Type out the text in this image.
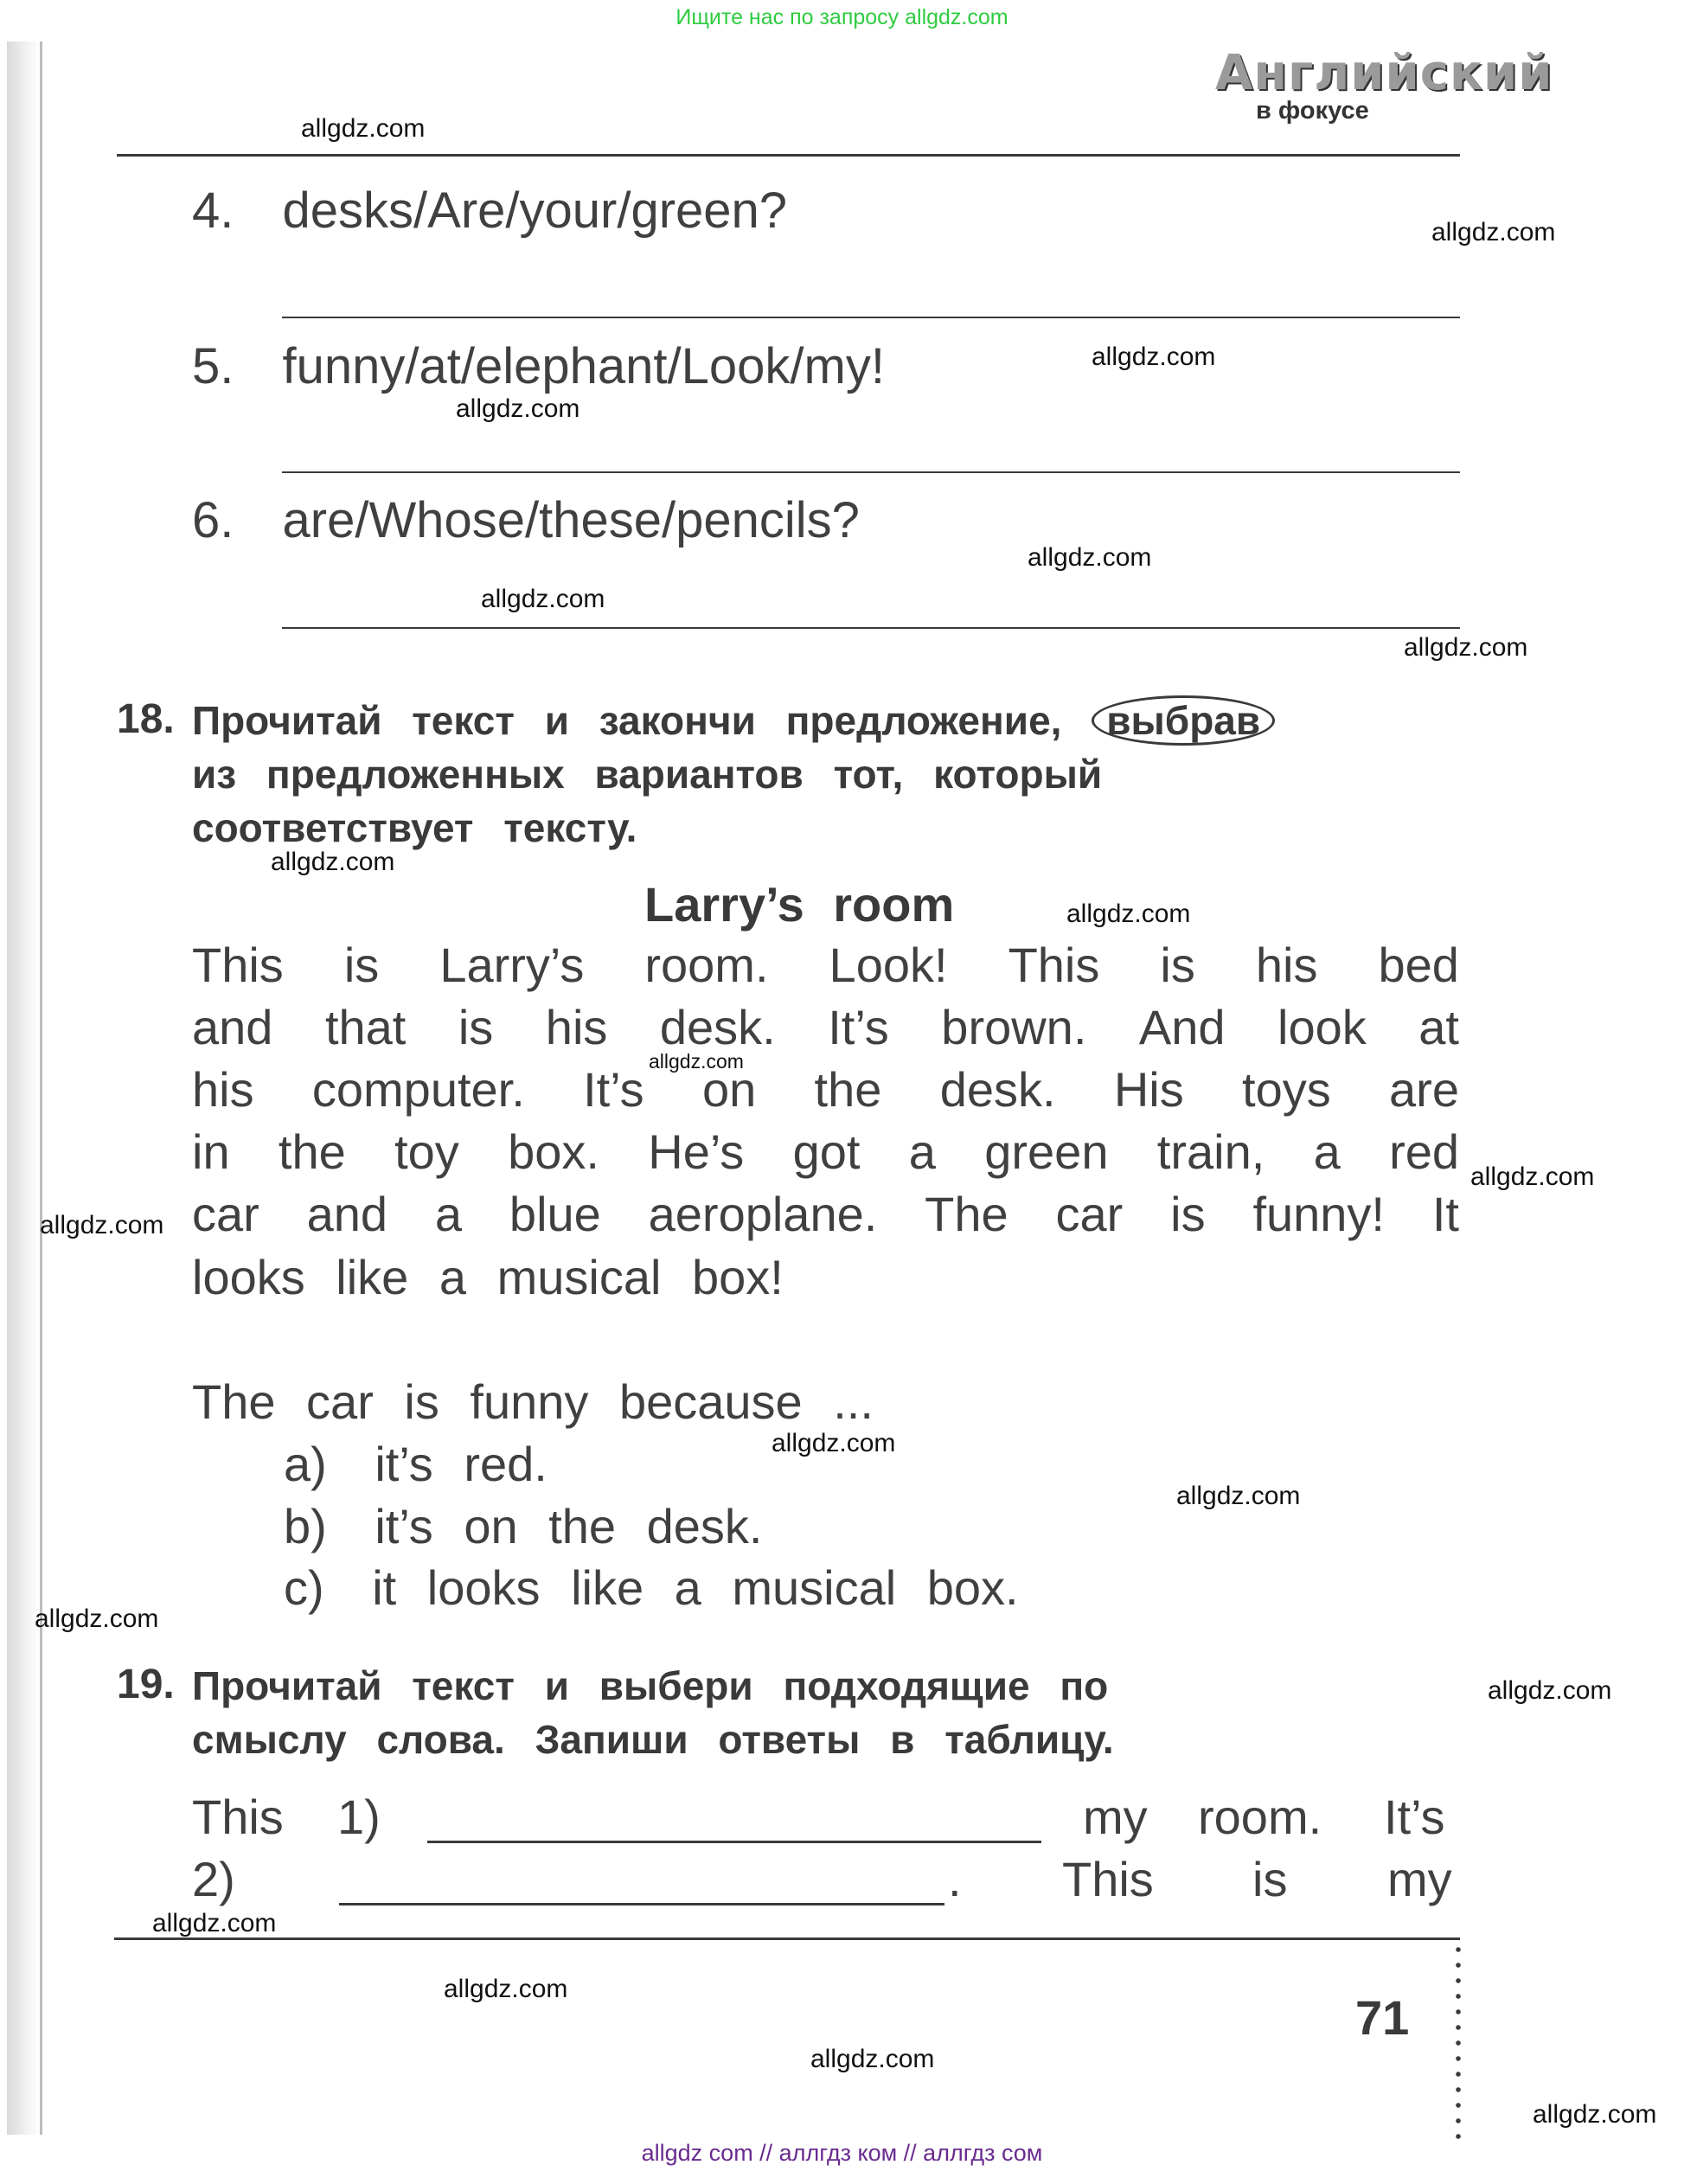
Ищите нас по запросу allgdz.com
Английский
в фокусе
4. desks/Are/your/green?
5. funny/at/elephant/Look/my!
6. are/Whose/these/pencils?
18. Прочитай текст и закончи предложение, выбрав
из предложенных вариантов тот, который
соответствует тексту.
Larry’s room
This is Larry’s room. Look! This is his bed
and that is his desk. It’s brown. And look at
his computer. It’s on the desk. His toys are
in the toy box. He’s got a green train, a red
car and a blue aeroplane. The car is funny! It
looks like a musical box!
The car is funny because ...
a) it’s red.
b) it’s on the desk.
c) it looks like a musical box.
19. Прочитай текст и выбери подходящие по
смыслу слова. Запиши ответы в таблицу.
This 1)	my room. It’s
2)	. This is my
71
allgdz.com
allgdz.com
allgdz.com
allgdz.com
allgdz.com
allgdz.com
allgdz.com
allgdz.com
allgdz.com
allgdz.com
allgdz.com
allgdz.com
allgdz.com
allgdz.com
allgdz.com
allgdz.com
allgdz.com
allgdz.com
allgdz.com
allgdz.com
allgdz com // аллгдз ком // аллгдз сом
